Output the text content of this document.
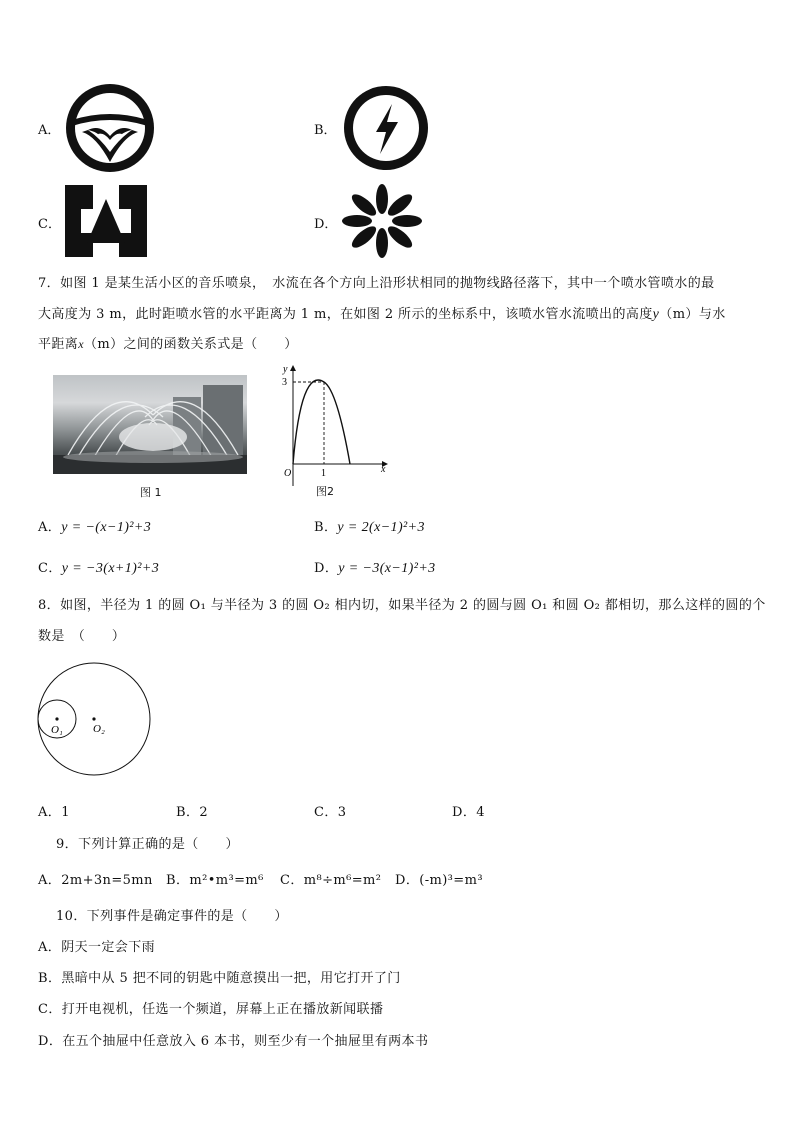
A．	B．
C．	D．
7．如图 1 是某生活小区的音乐喷泉，　水流在各个方向上沿形状相同的抛物线路径落下，其中一个喷水管喷水的最
大高度为 3 m，此时距喷水管的水平距离为 1 m，在如图 2 所示的坐标系中，该喷水管水流喷出的高度y（m）与水
平距离x（m）之间的函数关系式是（　　）
图 1
3
1
O
y
x
图2
A．y = −(x−1)²+3	B．y = 2(x−1)²+3
C．y = −3(x+1)²+3	D．y = −3(x−1)²+3
8．如图，半径为 1 的圆 O₁ 与半径为 3 的圆 O₂ 相内切，如果半径为 2 的圆与圆 O₁ 和圆 O₂ 都相切，那么这样的圆的个
数是　（　　）
O₁	O₂
A．1	B．2	C．3	D．4
9．下列计算正确的是（　　）
A．2m+3n=5mn B．m²•m³=m⁶ C．m⁸÷m⁶=m² D．(-m)³=m³
10．下列事件是确定事件的是（　　）
A．阴天一定会下雨
B．黑暗中从 5 把不同的钥匙中随意摸出一把，用它打开了门
C．打开电视机，任选一个频道，屏幕上正在播放新闻联播
D．在五个抽屉中任意放入 6 本书，则至少有一个抽屉里有两本书
